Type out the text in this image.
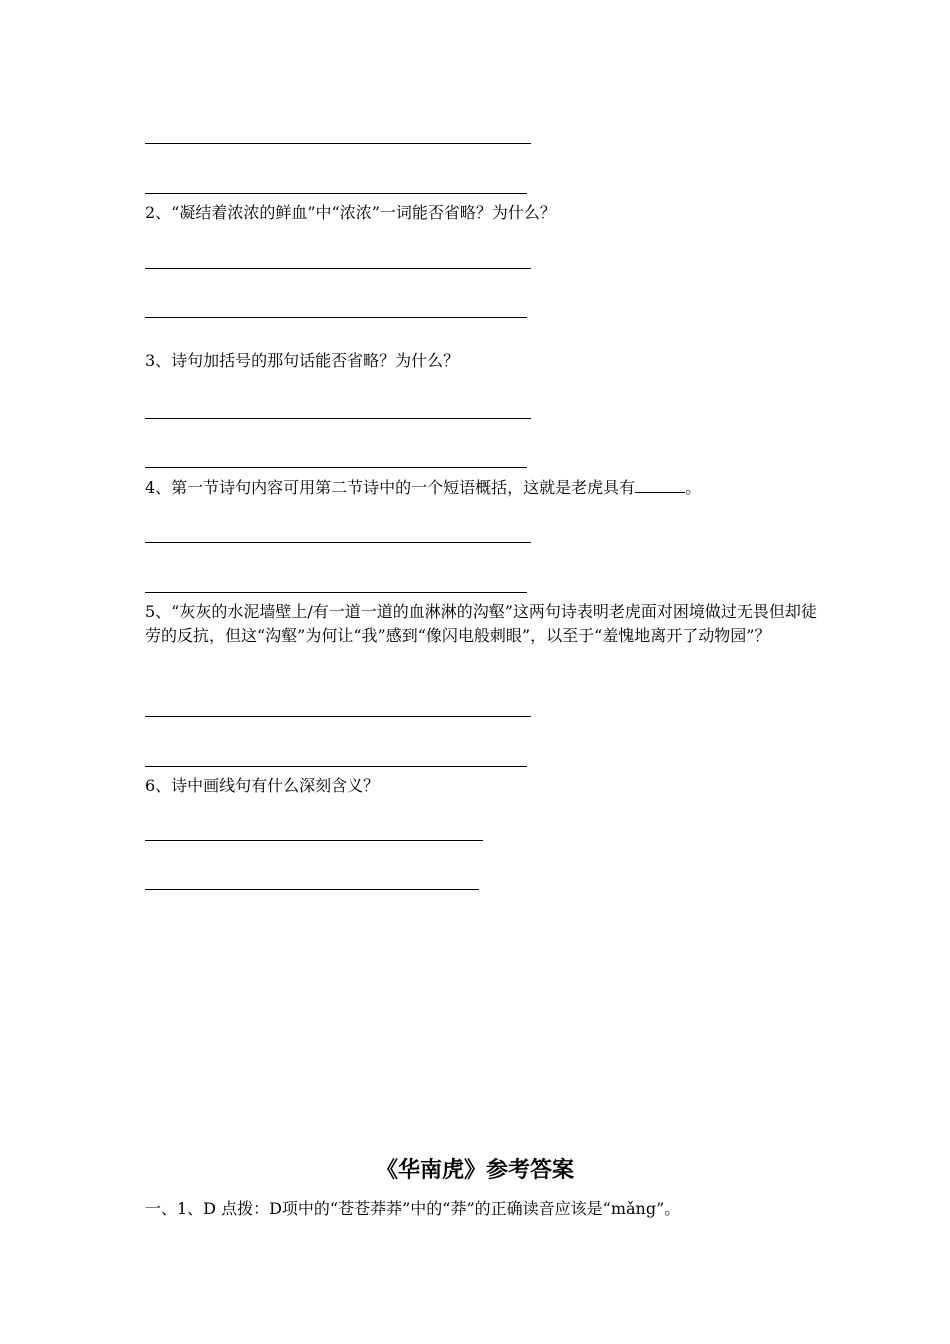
2、“凝结着浓浓的鲜血”中“浓浓”一词能否省略？为什么？
3、诗句加括号的那句话能否省略？为什么？
4、第一节诗句内容可用第二节诗中的一个短语概括，这就是老虎具有	。
5、“灰灰的水泥墙壁上/有一道一道的血淋淋的沟壑”这两句诗表明老虎面对困境做过无畏但却徒劳的反抗，但这“沟壑”为何让“我”感到“像闪电般刺眼”，以至于“羞愧地离开了动物园”？
6、诗中画线句有什么深刻含义？
《华南虎》参考答案
一、1、D 点拨：D项中的“苍苍莽莽”中的“莽”的正确读音应该是“mǎng”。
